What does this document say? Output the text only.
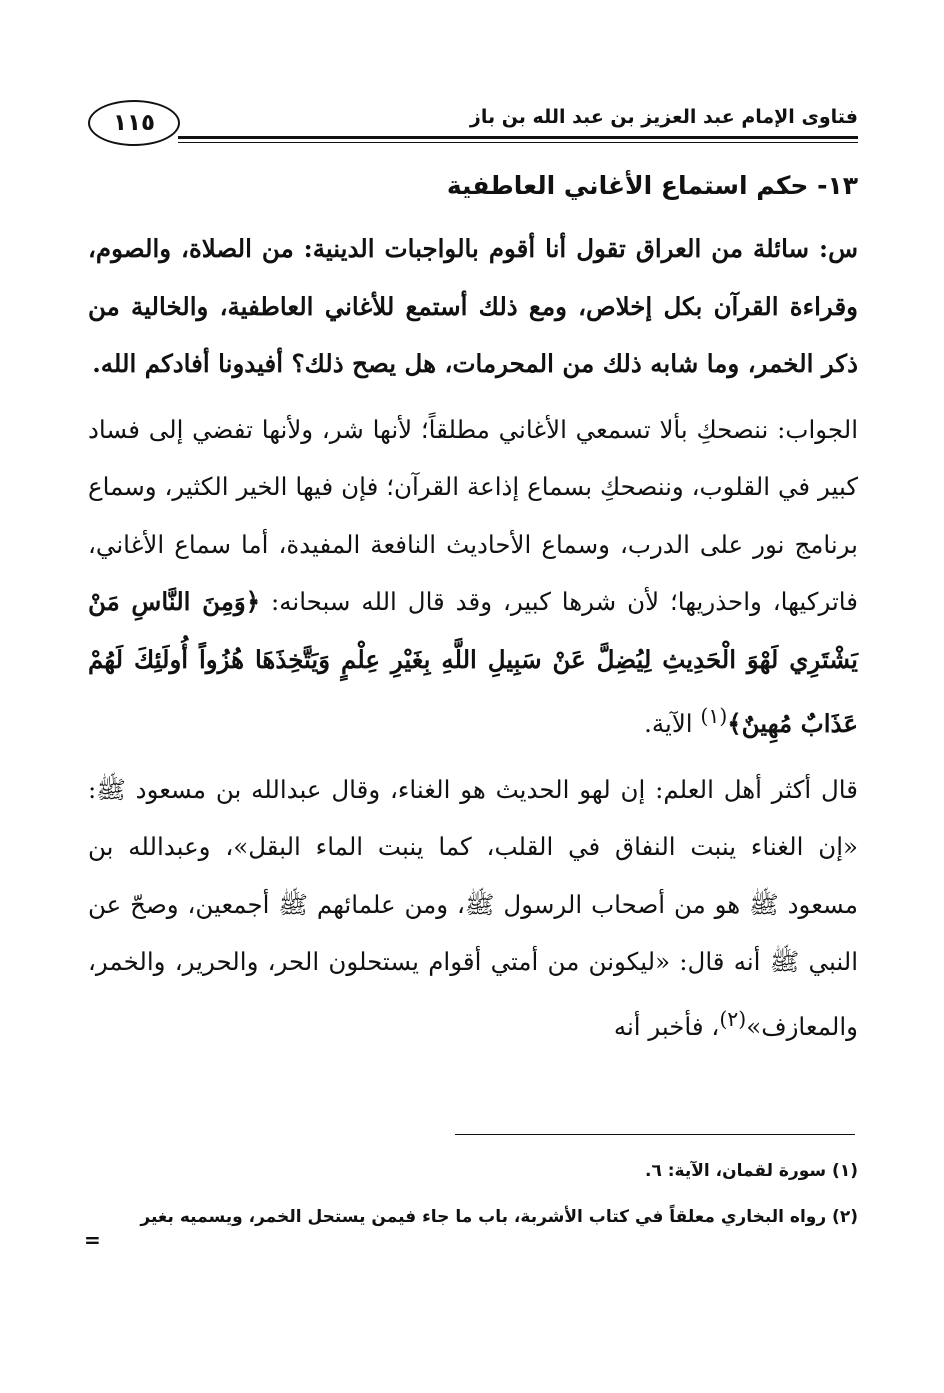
فتاوى الإمام عبد العزيز بن عبد الله بن باز
١١٥
١٣- حكم استماع الأغاني العاطفية

س: سائلة من العراق تقول أنا أقوم بالواجبات الدينية: من الصلاة، والصوم، وقراءة القرآن بكل إخلاص، ومع ذلك أستمع للأغاني العاطفية، والخالية من ذكر الخمر، وما شابه ذلك من المحرمات، هل يصح ذلك؟ أفيدونا أفادكم الله.

الجواب: ننصحكِ بألا تسمعي الأغاني مطلقاً؛ لأنها شر، ولأنها تفضي إلى فساد كبير في القلوب، وننصحكِ بسماع إذاعة القرآن؛ فإن فيها الخير الكثير، وسماع برنامج نور على الدرب، وسماع الأحاديث النافعة المفيدة، أما سماع الأغاني، فاتركيها، واحذريها؛ لأن شرها كبير، وقد قال الله سبحانه: ﴿وَمِنَ النَّاسِ مَنْ يَشْتَرِي لَهْوَ الْحَدِيثِ لِيُضِلَّ عَنْ سَبِيلِ اللَّهِ بِغَيْرِ عِلْمٍ وَيَتَّخِذَهَا هُزُواً أُولَئِكَ لَهُمْ عَذَابٌ مُهِينٌ﴾$^{(١)}$ الآية.

قال أكثر أهل العلم: إن لهو الحديث هو الغناء، وقال عبدالله بن مسعود ﷺ: «إن الغناء ينبت النفاق في القلب، كما ينبت الماء البقل»، وعبدالله بن مسعود ﷺ هو من أصحاب الرسول ﷺ، ومن علمائهم ﷺ أجمعين، وصحّ عن النبي ﷺ أنه قال: «ليكونن من أمتي أقوام يستحلون الحر، والحرير، والخمر، والمعازف»$^{(٢)}$، فأخبر أنه

(١) سورة لقمان، الآية: ٦.
(٢) رواه البخاري معلقاً في كتاب الأشربة، باب ما جاء فيمن يستحل الخمر، ويسميه بغير
=
